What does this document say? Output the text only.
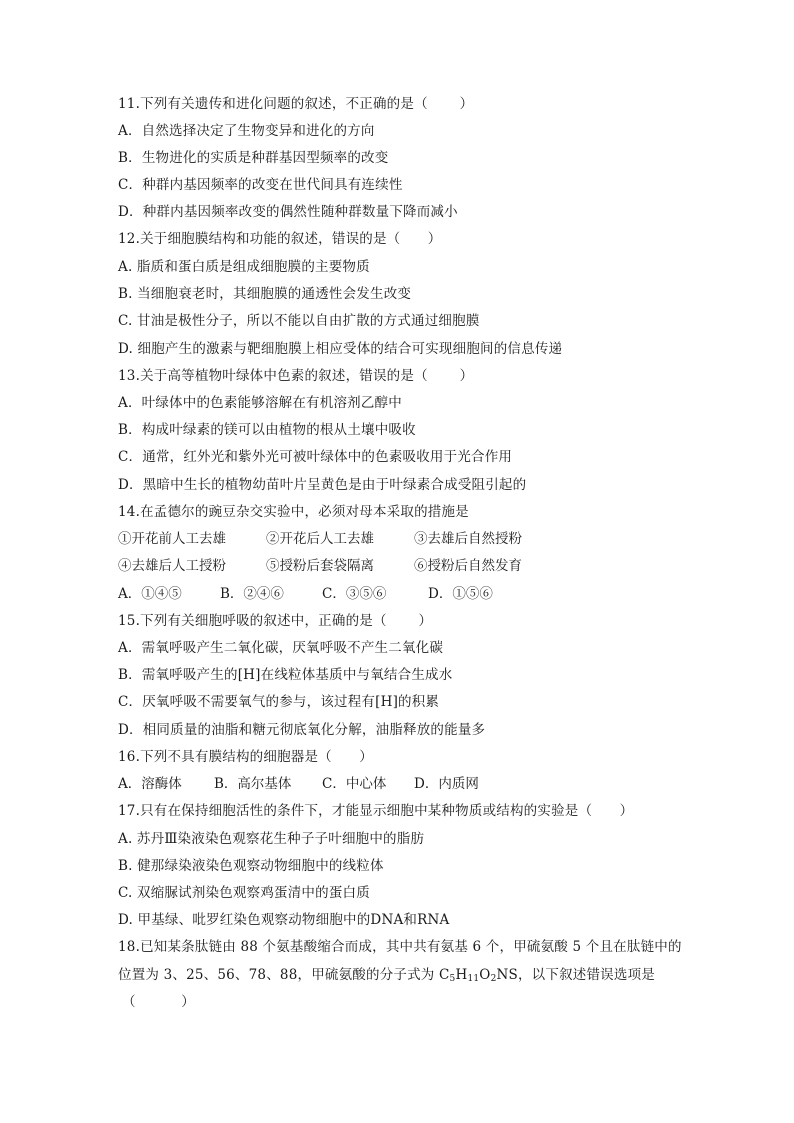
11.下列有关遗传和进化问题的叙述，不正确的是（　　 ）
A．自然选择决定了生物变异和进化的方向
B．生物进化的实质是种群基因型频率的改变
C．种群内基因频率的改变在世代间具有连续性
D．种群内基因频率改变的偶然性随种群数量下降而减小
12.关于细胞膜结构和功能的叙述，错误的是（　　）
A. 脂质和蛋白质是组成细胞膜的主要物质
B. 当细胞衰老时，其细胞膜的通透性会发生改变
C. 甘油是极性分子，所以不能以自由扩散的方式通过细胞膜
D. 细胞产生的激素与靶细胞膜上相应受体的结合可实现细胞间的信息传递
13.关于高等植物叶绿体中色素的叙述，错误的是（　　 ）
A．叶绿体中的色素能够溶解在有机溶剂乙醇中
B．构成叶绿素的镁可以由植物的根从土壤中吸收
C．通常，红外光和紫外光可被叶绿体中的色素吸收用于光合作用
D．黑暗中生长的植物幼苗叶片呈黄色是由于叶绿素合成受阻引起的
14.在孟德尔的豌豆杂交实验中，必须对母本采取的措施是
①开花前人工去雄	②开花后人工去雄	③去雄后自然授粉
④去雄后人工授粉	⑤授粉后套袋隔离	⑥授粉后自然发育
A．①④⑤	B．②④⑥	C．③⑤⑥	D．①⑤⑥
15.下列有关细胞呼吸的叙述中，正确的是（　　 ）
A．需氧呼吸产生二氧化碳，厌氧呼吸不产生二氧化碳
B．需氧呼吸产生的[H]在线粒体基质中与氧结合生成水
C．厌氧呼吸不需要氧气的参与，该过程有[H]的积累
D．相同质量的油脂和糖元彻底氧化分解，油脂释放的能量多
16.下列不具有膜结构的细胞器是（　　）
A．溶酶体 B．高尔基体 C．中心体 D．内质网
17.只有在保持细胞活性的条件下，才能显示细胞中某种物质或结构的实验是（　　）
A. 苏丹Ⅲ染液染色观察花生种子子叶细胞中的脂肪
B. 健那绿染液染色观察动物细胞中的线粒体
C. 双缩脲试剂染色观察鸡蛋清中的蛋白质
D. 甲基绿、吡罗红染色观察动物细胞中的DNA和RNA
18.已知某条肽链由 88 个氨基酸缩合而成，其中共有氨基 6 个，甲硫氨酸 5 个且在肽链中的
位置为 3、25、56、78、88，甲硫氨酸的分子式为 $C_5H_{11}O_2NS$，以下叙述错误选项是
（　　　 ）
